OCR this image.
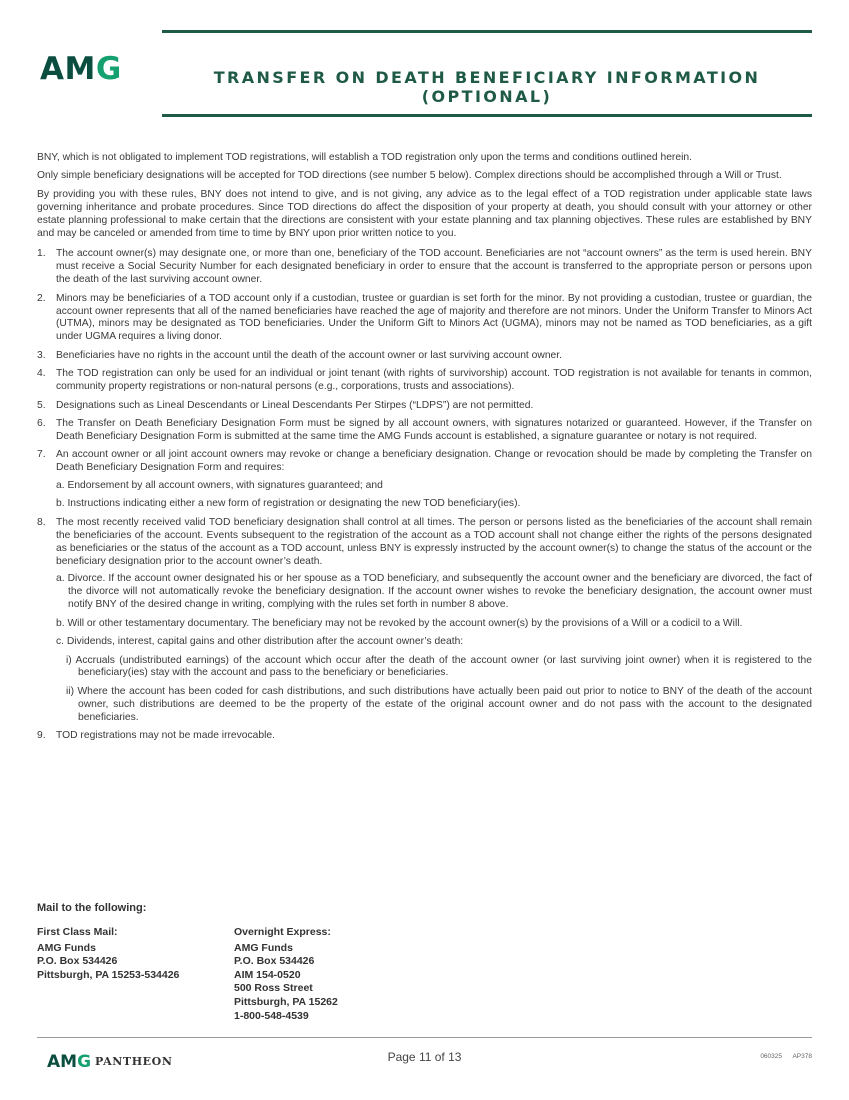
AMG	TRANSFER ON DEATH BENEFICIARY INFORMATION (OPTIONAL)

BNY, which is not obligated to implement TOD registrations, will establish a TOD registration only upon the terms and conditions outlined herein.

Only simple beneficiary designations will be accepted for TOD directions (see number 5 below). Complex directions should be accomplished through a Will or Trust.

By providing you with these rules, BNY does not intend to give, and is not giving, any advice as to the legal effect of a TOD registration under applicable state laws governing inheritance and probate procedures. Since TOD directions do affect the disposition of your property at death, you should consult with your attorney or other estate planning professional to make certain that the directions are consistent with your estate planning and tax planning objectives. These rules are established by BNY and may be canceled or amended from time to time by BNY upon prior written notice to you.

1. The account owner(s) may designate one, or more than one, beneficiary of the TOD account. Beneficiaries are not “account owners” as the term is used herein. BNY must receive a Social Security Number for each designated beneficiary in order to ensure that the account is transferred to the appropriate person or persons upon the death of the last surviving account owner.
2. Minors may be beneficiaries of a TOD account only if a custodian, trustee or guardian is set forth for the minor. By not providing a custodian, trustee or guardian, the account owner represents that all of the named beneficiaries have reached the age of majority and therefore are not minors. Under the Uniform Transfer to Minors Act (UTMA), minors may be designated as TOD beneficiaries. Under the Uniform Gift to Minors Act (UGMA), minors may not be named as TOD beneficiaries, as a gift under UGMA requires a living donor.
3. Beneficiaries have no rights in the account until the death of the account owner or last surviving account owner.
4. The TOD registration can only be used for an individual or joint tenant (with rights of survivorship) account. TOD registration is not available for tenants in common, community property registrations or non-natural persons (e.g., corporations, trusts and associations).
5. Designations such as Lineal Descendants or Lineal Descendants Per Stirpes (“LDPS”) are not permitted.
6. The Transfer on Death Beneficiary Designation Form must be signed by all account owners, with signatures notarized or guaranteed. However, if the Transfer on Death Beneficiary Designation Form is submitted at the same time the AMG Funds account is established, a signature guarantee or notary is not required.
7. An account owner or all joint account owners may revoke or change a beneficiary designation. Change or revocation should be made by completing the Transfer on Death Beneficiary Designation Form and requires:
a. Endorsement by all account owners, with signatures guaranteed; and
b. Instructions indicating either a new form of registration or designating the new TOD beneficiary(ies).
8. The most recently received valid TOD beneficiary designation shall control at all times. The person or persons listed as the beneficiaries of the account shall remain the beneficiaries of the account. Events subsequent to the registration of the account as a TOD account shall not change either the rights of the persons designated as beneficiaries or the status of the account as a TOD account, unless BNY is expressly instructed by the account owner(s) to change the status of the account or the beneficiary designation prior to the account owner’s death.
a. Divorce. If the account owner designated his or her spouse as a TOD beneficiary, and subsequently the account owner and the beneficiary are divorced, the fact of the divorce will not automatically revoke the beneficiary designation. If the account owner wishes to revoke the beneficiary designation, the account owner must notify BNY of the desired change in writing, complying with the rules set forth in number 8 above.
b. Will or other testamentary documentary. The beneficiary may not be revoked by the account owner(s) by the provisions of a Will or a codicil to a Will.
c. Dividends, interest, capital gains and other distribution after the account owner’s death:
i) Accruals (undistributed earnings) of the account which occur after the death of the account owner (or last surviving joint owner) when it is registered to the beneficiary(ies) stay with the account and pass to the beneficiary or beneficiaries.
ii) Where the account has been coded for cash distributions, and such distributions have actually been paid out prior to notice to BNY of the death of the account owner, such distributions are deemed to be the property of the estate of the original account owner and do not pass with the account to the designated beneficiaries.
9. TOD registrations may not be made irrevocable.
Mail to the following:
First Class Mail:
AMG Funds
P.O. Box 534426
Pittsburgh, PA 15253-534426
Overnight Express:
AMG Funds
P.O. Box 534426
AIM 154-0520
500 Ross Street
Pittsburgh, PA 15262
1-800-548-4539
AMG PANTHEON	Page 11 of 13	060325 AP378
